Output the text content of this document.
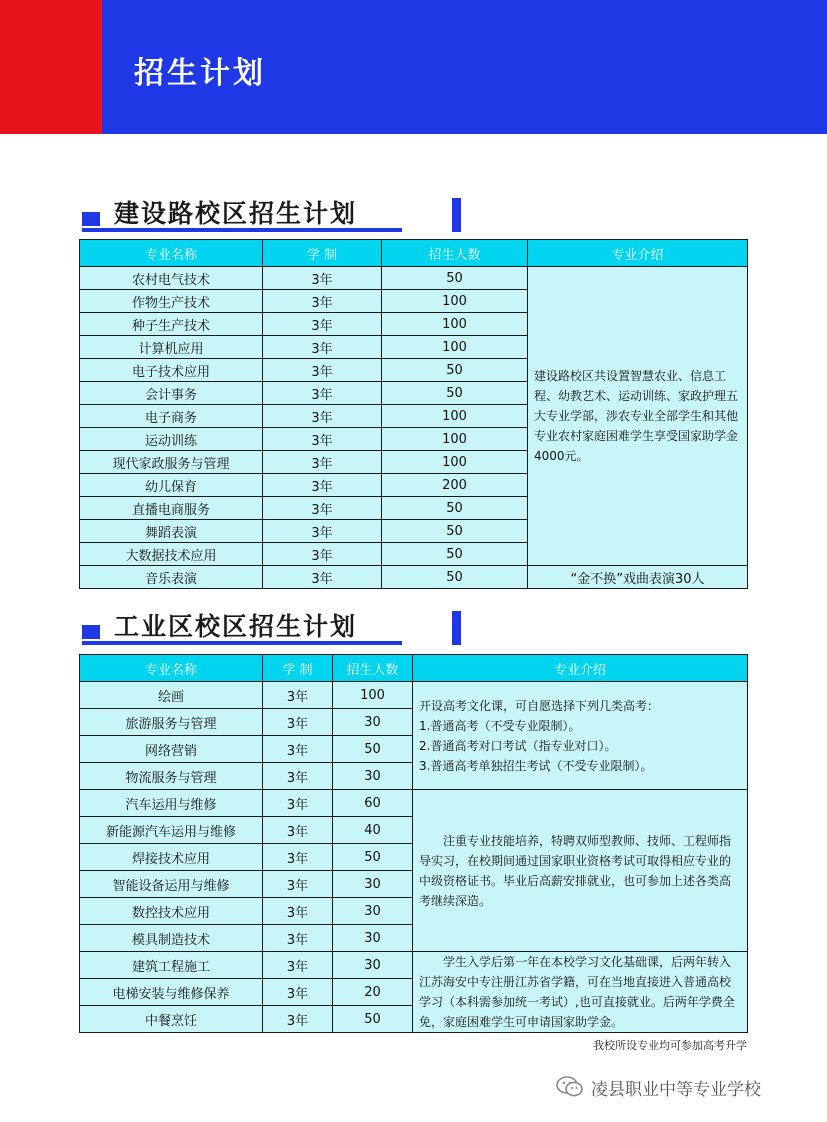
招生计划
建设路校区招生计划
专业名称	学 制	招生人数	专业介绍
农村电气技术	3年	50	建设路校区共设置智慧农业、信息工程、幼教艺术、运动训练、家政护理五大专业学部，涉农专业全部学生和其他专业农村家庭困难学生享受国家助学金4000元。
作物生产技术	3年	100	
种子生产技术	3年	100	
计算机应用	3年	100	
电子技术应用	3年	50	
会计事务	3年	50	
电子商务	3年	100	
运动训练	3年	100	
现代家政服务与管理	3年	100	
幼儿保育	3年	200	
直播电商服务	3年	50	
舞蹈表演	3年	50	
大数据技术应用	3年	50	
音乐表演	3年	50	“金不换”戏曲表演30人
工业区校区招生计划
专业名称	学 制	招生人数	专业介绍
绘画	3年	100	开设高考文化课，可自愿选择下列几类高考：

1.普通高考（不受专业限制）。

2.普通高考对口考试（指专业对口）。

3.普通高考单独招生考试（不受专业限制）。

旅游服务与管理	3年	30	
网络营销	3年	50	
物流服务与管理	3年	30	
汽车运用与维修	3年	60	注重专业技能培养，特聘双师型教师、技师、工程师指导实习，在校期间通过国家职业资格考试可取得相应专业的中级资格证书。毕业后高薪安排就业，也可参加上述各类高考继续深造。

新能源汽车运用与维修	3年	40	
焊接技术应用	3年	50	
智能设备运用与维修	3年	30	
数控技术应用	3年	30	
模具制造技术	3年	30	
建筑工程施工	3年	30	学生入学后第一年在本校学习文化基础课，后两年转入江苏海安中专注册江苏省学籍，可在当地直接进入普通高校学习（本科需参加统一考试）,也可直接就业。后两年学费全免，家庭困难学生可申请国家助学金。

电梯安装与维修保养	3年	20	
中餐烹饪	3年	50	
我校所设专业均可参加高考升学
凌县职业中等专业学校
